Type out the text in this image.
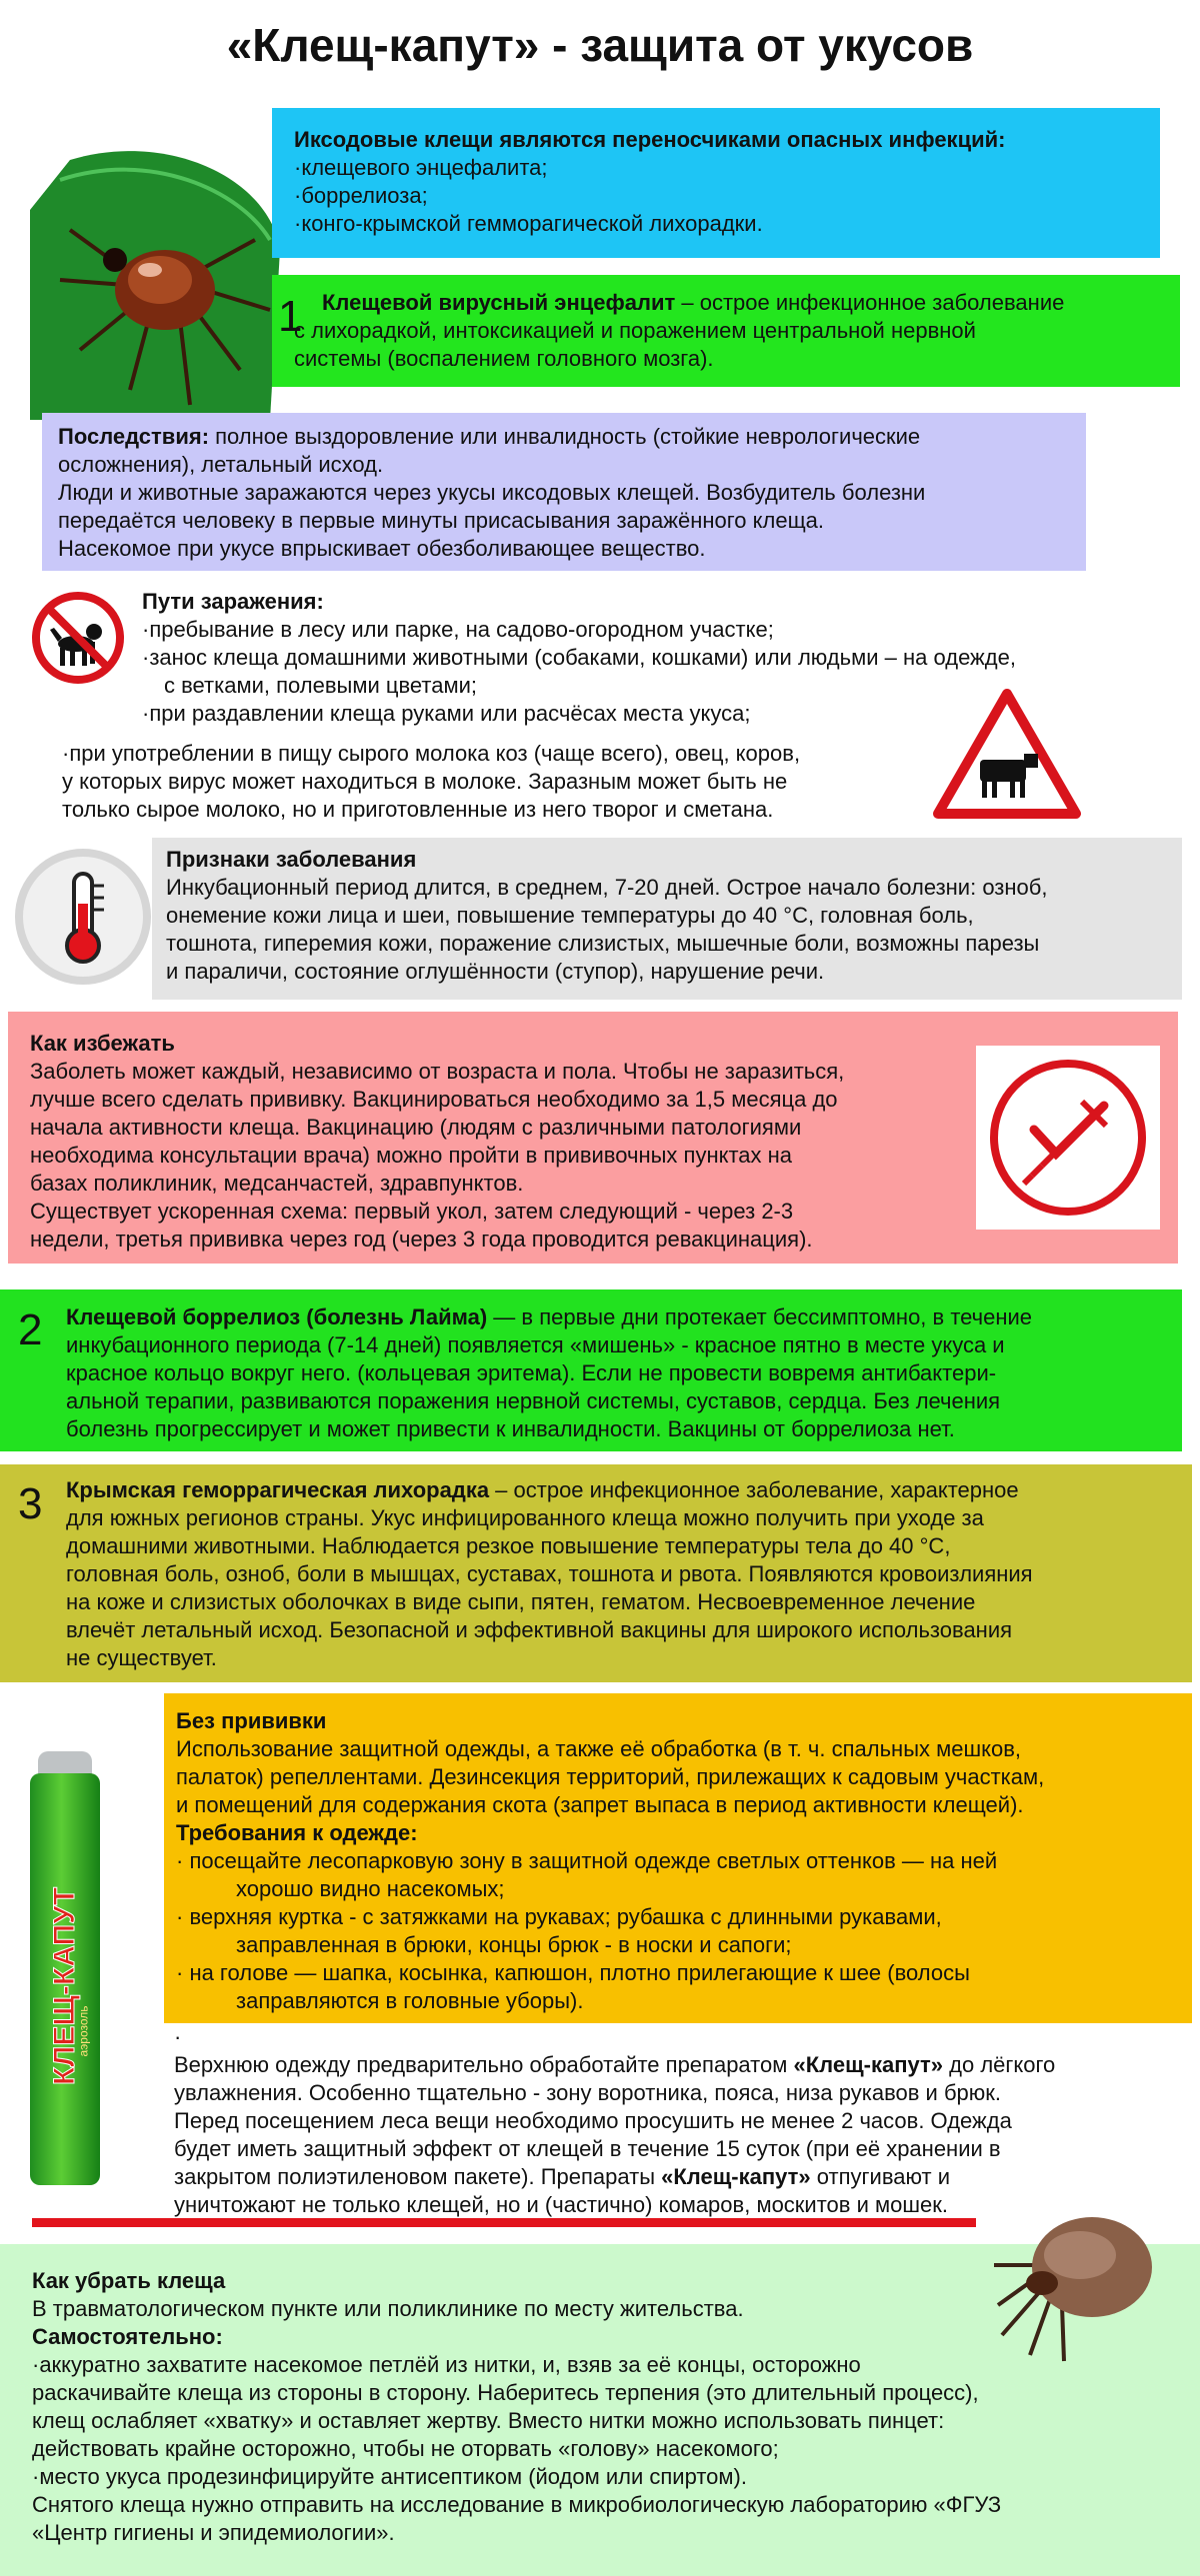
«Клещ-капут» - защита от укусов
Иксодовые клещи являются переносчиками опасных инфекций:
·клещевого энцефалита;
·боррелиоза;
·конго-крымской гемморагической лихорадки.
Клещевой вирусный энцефалит – острое инфекционное заболевание
с лихорадкой, интоксикацией и поражением центральной нервной
системы (воспалением головного мозга).
1
Последствия: полное выздоровление или инвалидность (стойкие неврологические
осложнения), летальный исход.
Люди и животные заражаются через укусы иксодовых клещей. Возбудитель болезни
передаётся человеку в первые минуты присасывания заражённого клеща.
Насекомое при укусе впрыскивает обезболивающее вещество.
Пути заражения:
·пребывание в лесу или парке, на садово-огородном участке;
·занос клеща домашними животными (собаками, кошками) или людьми – на одежде,
с ветками, полевыми цветами;
·при раздавлении клеща руками или расчёсах места укуса;
·при употреблении в пищу сырого молока коз (чаще всего), овец, коров,
у которых вирус может находиться в молоке. Заразным может быть не
только сырое молоко, но и приготовленные из него творог и сметана.
Признаки заболевания
Инкубационный период длится, в среднем, 7-20 дней. Острое начало болезни: озноб,
онемение кожи лица и шеи, повышение температуры до 40 °С, головная боль,
тошнота, гиперемия кожи, поражение слизистых, мышечные боли, возможны парезы
и параличи, состояние оглушённости (ступор), нарушение речи.
Как избежать
Заболеть может каждый, независимо от возраста и пола. Чтобы не заразиться,
лучше всего сделать прививку. Вакцинироваться необходимо за 1,5 месяца до
начала активности клеща. Вакцинацию (людям с различными патологиями
необходима консультации врача) можно пройти в прививочных пунктах на
базах поликлиник, медсанчастей, здравпунктов.
Существует ускоренная схема: первый укол, затем следующий - через 2-3
недели, третья прививка через год (через 3 года проводится ревакцинация).
Клещевой боррелиоз (болезнь Лайма) — в первые дни протекает бессимптомно, в течение
инкубационного периода (7-14 дней) появляется «мишень» - красное пятно в месте укуса и
красное кольцо вокруг него. (кольцевая эритема). Если не провести вовремя антибактери-
альной терапии, развиваются поражения нервной системы, суставов, сердца. Без лечения
болезнь прогрессирует и может привести к инвалидности. Вакцины от боррелиоза нет.
2
Крымская геморрагическая лихорадка – острое инфекционное заболевание, характерное
для южных регионов страны. Укус инфицированного клеща можно получить при уходе за
домашними животными. Наблюдается резкое повышение температуры тела до 40 °С,
головная боль, озноб, боли в мышцах, суставах, тошнота и рвота. Появляются кровоизлияния
на коже и слизистых оболочках в виде сыпи, пятен, гематом. Несвоевременное лечение
влечёт летальный исход. Безопасной и эффективной вакцины для широкого использования
не существует.
3
Без прививки
Использование защитной одежды, а также её обработка (в т. ч. спальных мешков,
палаток) репеллентами. Дезинсекция территорий, прилежащих к садовым участкам,
и помещений для содержания скота (запрет выпаса в период активности клещей).
Требования к одежде:
· посещайте лесопарковую зону в защитной одежде светлых оттенков — на ней
хорошо видно насекомых;
· верхняя куртка - с затяжками на рукавах; рубашка с длинными рукавами,
заправленная в брюки, концы брюк - в носки и сапоги;
· на голове — шапка, косынка, капюшон, плотно прилегающие к шее (волосы
заправляются в головные уборы).
КЛЕЩ-КАПУТ
аэрозоль	·
Верхнюю одежду предварительно обработайте препаратом «Клещ-капут» до лёгкого
увлажнения. Особенно тщательно - зону воротника, пояса, низа рукавов и брюк.
Перед посещением леса вещи необходимо просушить не менее 2 часов. Одежда
будет иметь защитный эффект от клещей в течение 15 суток (при её хранении в
закрытом полиэтиленовом пакете). Препараты «Клещ-капут» отпугивают и
уничтожают не только клещей, но и (частично) комаров, москитов и мошек.
Как убрать клеща
В травматологическом пункте или поликлинике по месту жительства.
Самостоятельно:
·аккуратно захватите насекомое петлёй из нитки, и, взяв за её концы, осторожно
раскачивайте клеща из стороны в сторону. Наберитесь терпения (это длительный процесс),
клещ ослабляет «хватку» и оставляет жертву. Вместо нитки можно использовать пинцет:
действовать крайне осторожно, чтобы не оторвать «голову» насекомого;
·место укуса продезинфицируйте антисептиком (йодом или спиртом).
Снятого клеща нужно отправить на исследование в микробиологическую лабораторию «ФГУЗ
«Центр гигиены и эпидемиологии».
